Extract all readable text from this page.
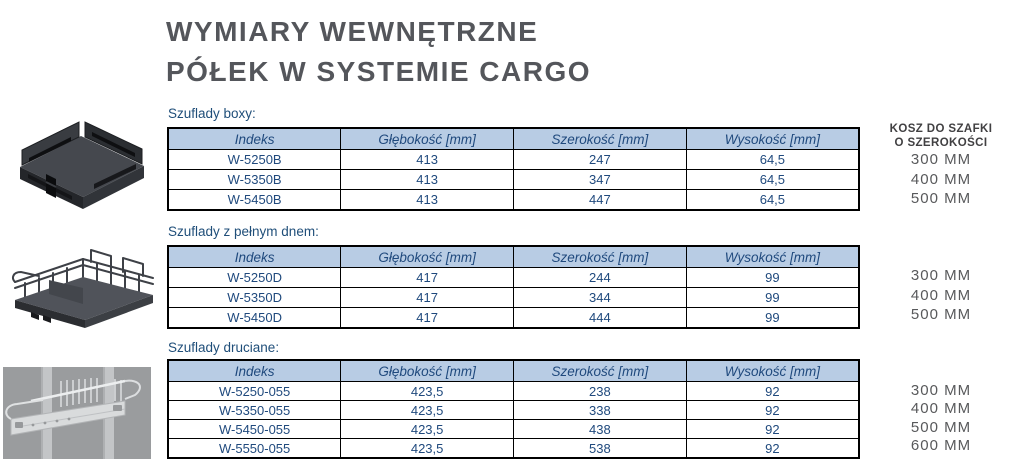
WYMIARY WEWNĘTRZNE
PÓŁEK W SYSTEMIE CARGO
Szuflady boxy:
Indeks	Głębokość [mm]	Szerokość [mm]	Wysokość [mm]
W-5250B	413	247	64,5
W-5350B	413	347	64,5
W-5450B	413	447	64,5
Szuflady z pełnym dnem:
Indeks	Głębokość [mm]	Szerokość [mm]	Wysokość [mm]
W-5250D	417	244	99
W-5350D	417	344	99
W-5450D	417	444	99
Szuflady druciane:
Indeks	Głębokość [mm]	Szerokość [mm]	Wysokość [mm]
W-5250-055	423,5	238	92
W-5350-055	423,5	338	92
W-5450-055	423,5	438	92
W-5550-055	423,5	538	92
KOSZ DO SZAFKI
O SZEROKOŚCI
300 MM
400 MM
500 MM
300 MM
400 MM
500 MM
300 MM
400 MM
500 MM
600 MM
